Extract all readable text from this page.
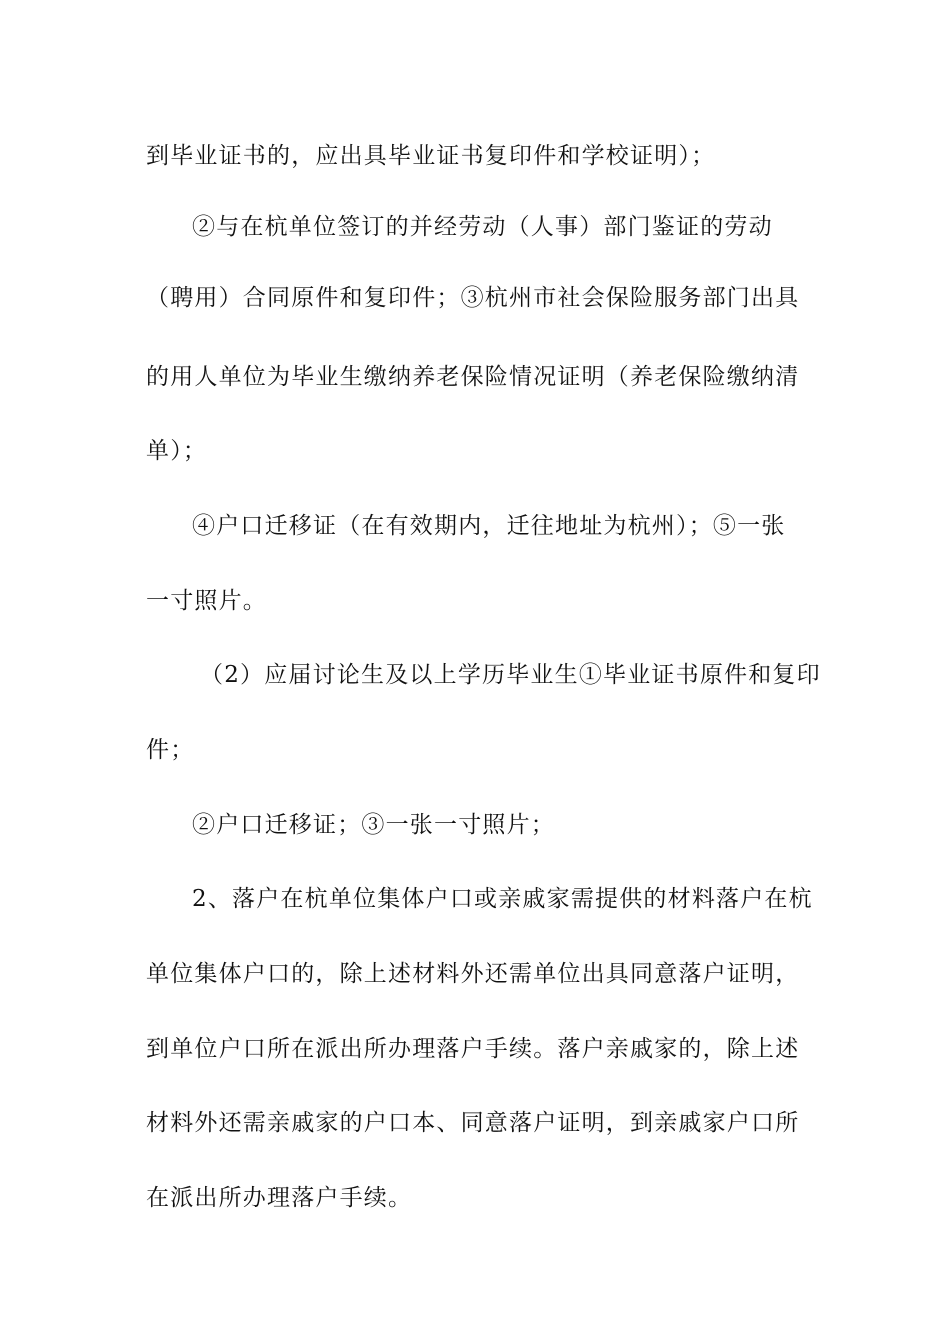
到毕业证书的，应出具毕业证书复印件和学校证明）；
②与在杭单位签订的并经劳动（人事）部门鉴证的劳动
（聘用）合同原件和复印件；③杭州市社会保险服务部门出具
的用人单位为毕业生缴纳养老保险情况证明（养老保险缴纳清
单）；
④户口迁移证（在有效期内，迁往地址为杭州）；⑤一张
一寸照片。
（2）应届讨论生及以上学历毕业生①毕业证书原件和复印
件；
②户口迁移证；③一张一寸照片；
2、落户在杭单位集体户口或亲戚家需提供的材料落户在杭
单位集体户口的，除上述材料外还需单位出具同意落户证明，
到单位户口所在派出所办理落户手续。落户亲戚家的，除上述
材料外还需亲戚家的户口本、同意落户证明，到亲戚家户口所
在派出所办理落户手续。
